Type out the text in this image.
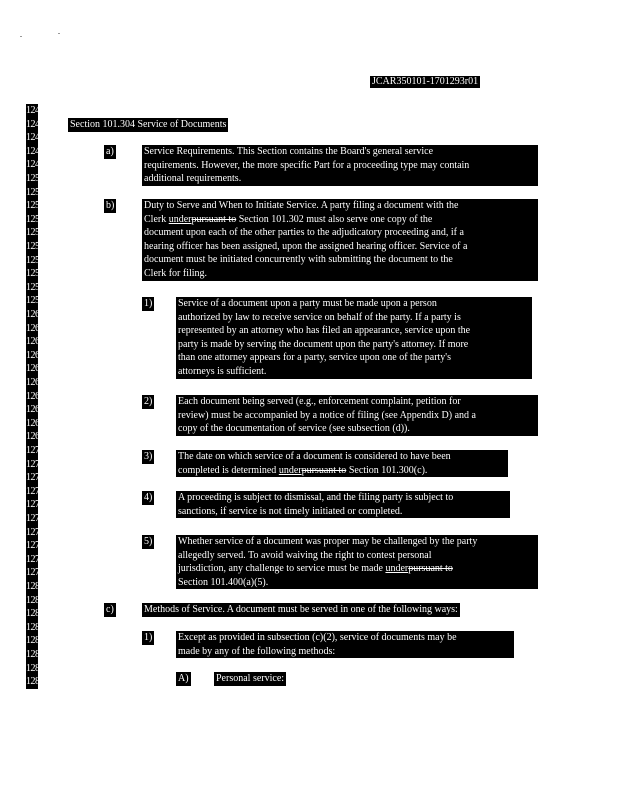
JCAR350101-1701293r01
1245
1246
1247
1248
1249
1250
1251
1252
1253
1254
1255
1256
1257
1258
1259
1260
1261
1262
1263
1264
1265
1266
1267
1268
1269
1270
1271
1272
1273
1274
1275
1276
1277
1278
1279
1280
1281
1282
1283
1284
1285
1286
1287
Section 101.304 Service of Documents
a)	Service Requirements. This Section contains the Board's general service
requirements. However, the more specific Part for a proceeding type may contain
additional requirements.
b)	Duty to Serve and When to Initiate Service. A party filing a document with the
Clerk underpursuant to Section 101.302 must also serve one copy of the
document upon each of the other parties to the adjudicatory proceeding and, if a
hearing officer has been assigned, upon the assigned hearing officer. Service of a
document must be initiated concurrently with submitting the document to the
Clerk for filing.
1)	Service of a document upon a party must be made upon a person
authorized by law to receive service on behalf of the party. If a party is
represented by an attorney who has filed an appearance, service upon the
party is made by serving the document upon the party's attorney. If more
than one attorney appears for a party, service upon one of the party's
attorneys is sufficient.
2)	Each document being served (e.g., enforcement complaint, petition for
review) must be accompanied by a notice of filing (see Appendix D) and a
copy of the documentation of service (see subsection (d)).
3)	The date on which service of a document is considered to have been
completed is determined underpursuant to Section 101.300(c).
4)	A proceeding is subject to dismissal, and the filing party is subject to
sanctions, if service is not timely initiated or completed.
5)	Whether service of a document was proper may be challenged by the party
allegedly served. To avoid waiving the right to contest personal
jurisdiction, any challenge to service must be made underpursuant to
Section 101.400(a)(5).
c)	Methods of Service. A document must be served in one of the following ways:
1)	Except as provided in subsection (c)(2), service of documents may be
made by any of the following methods:
A)	Personal service:
